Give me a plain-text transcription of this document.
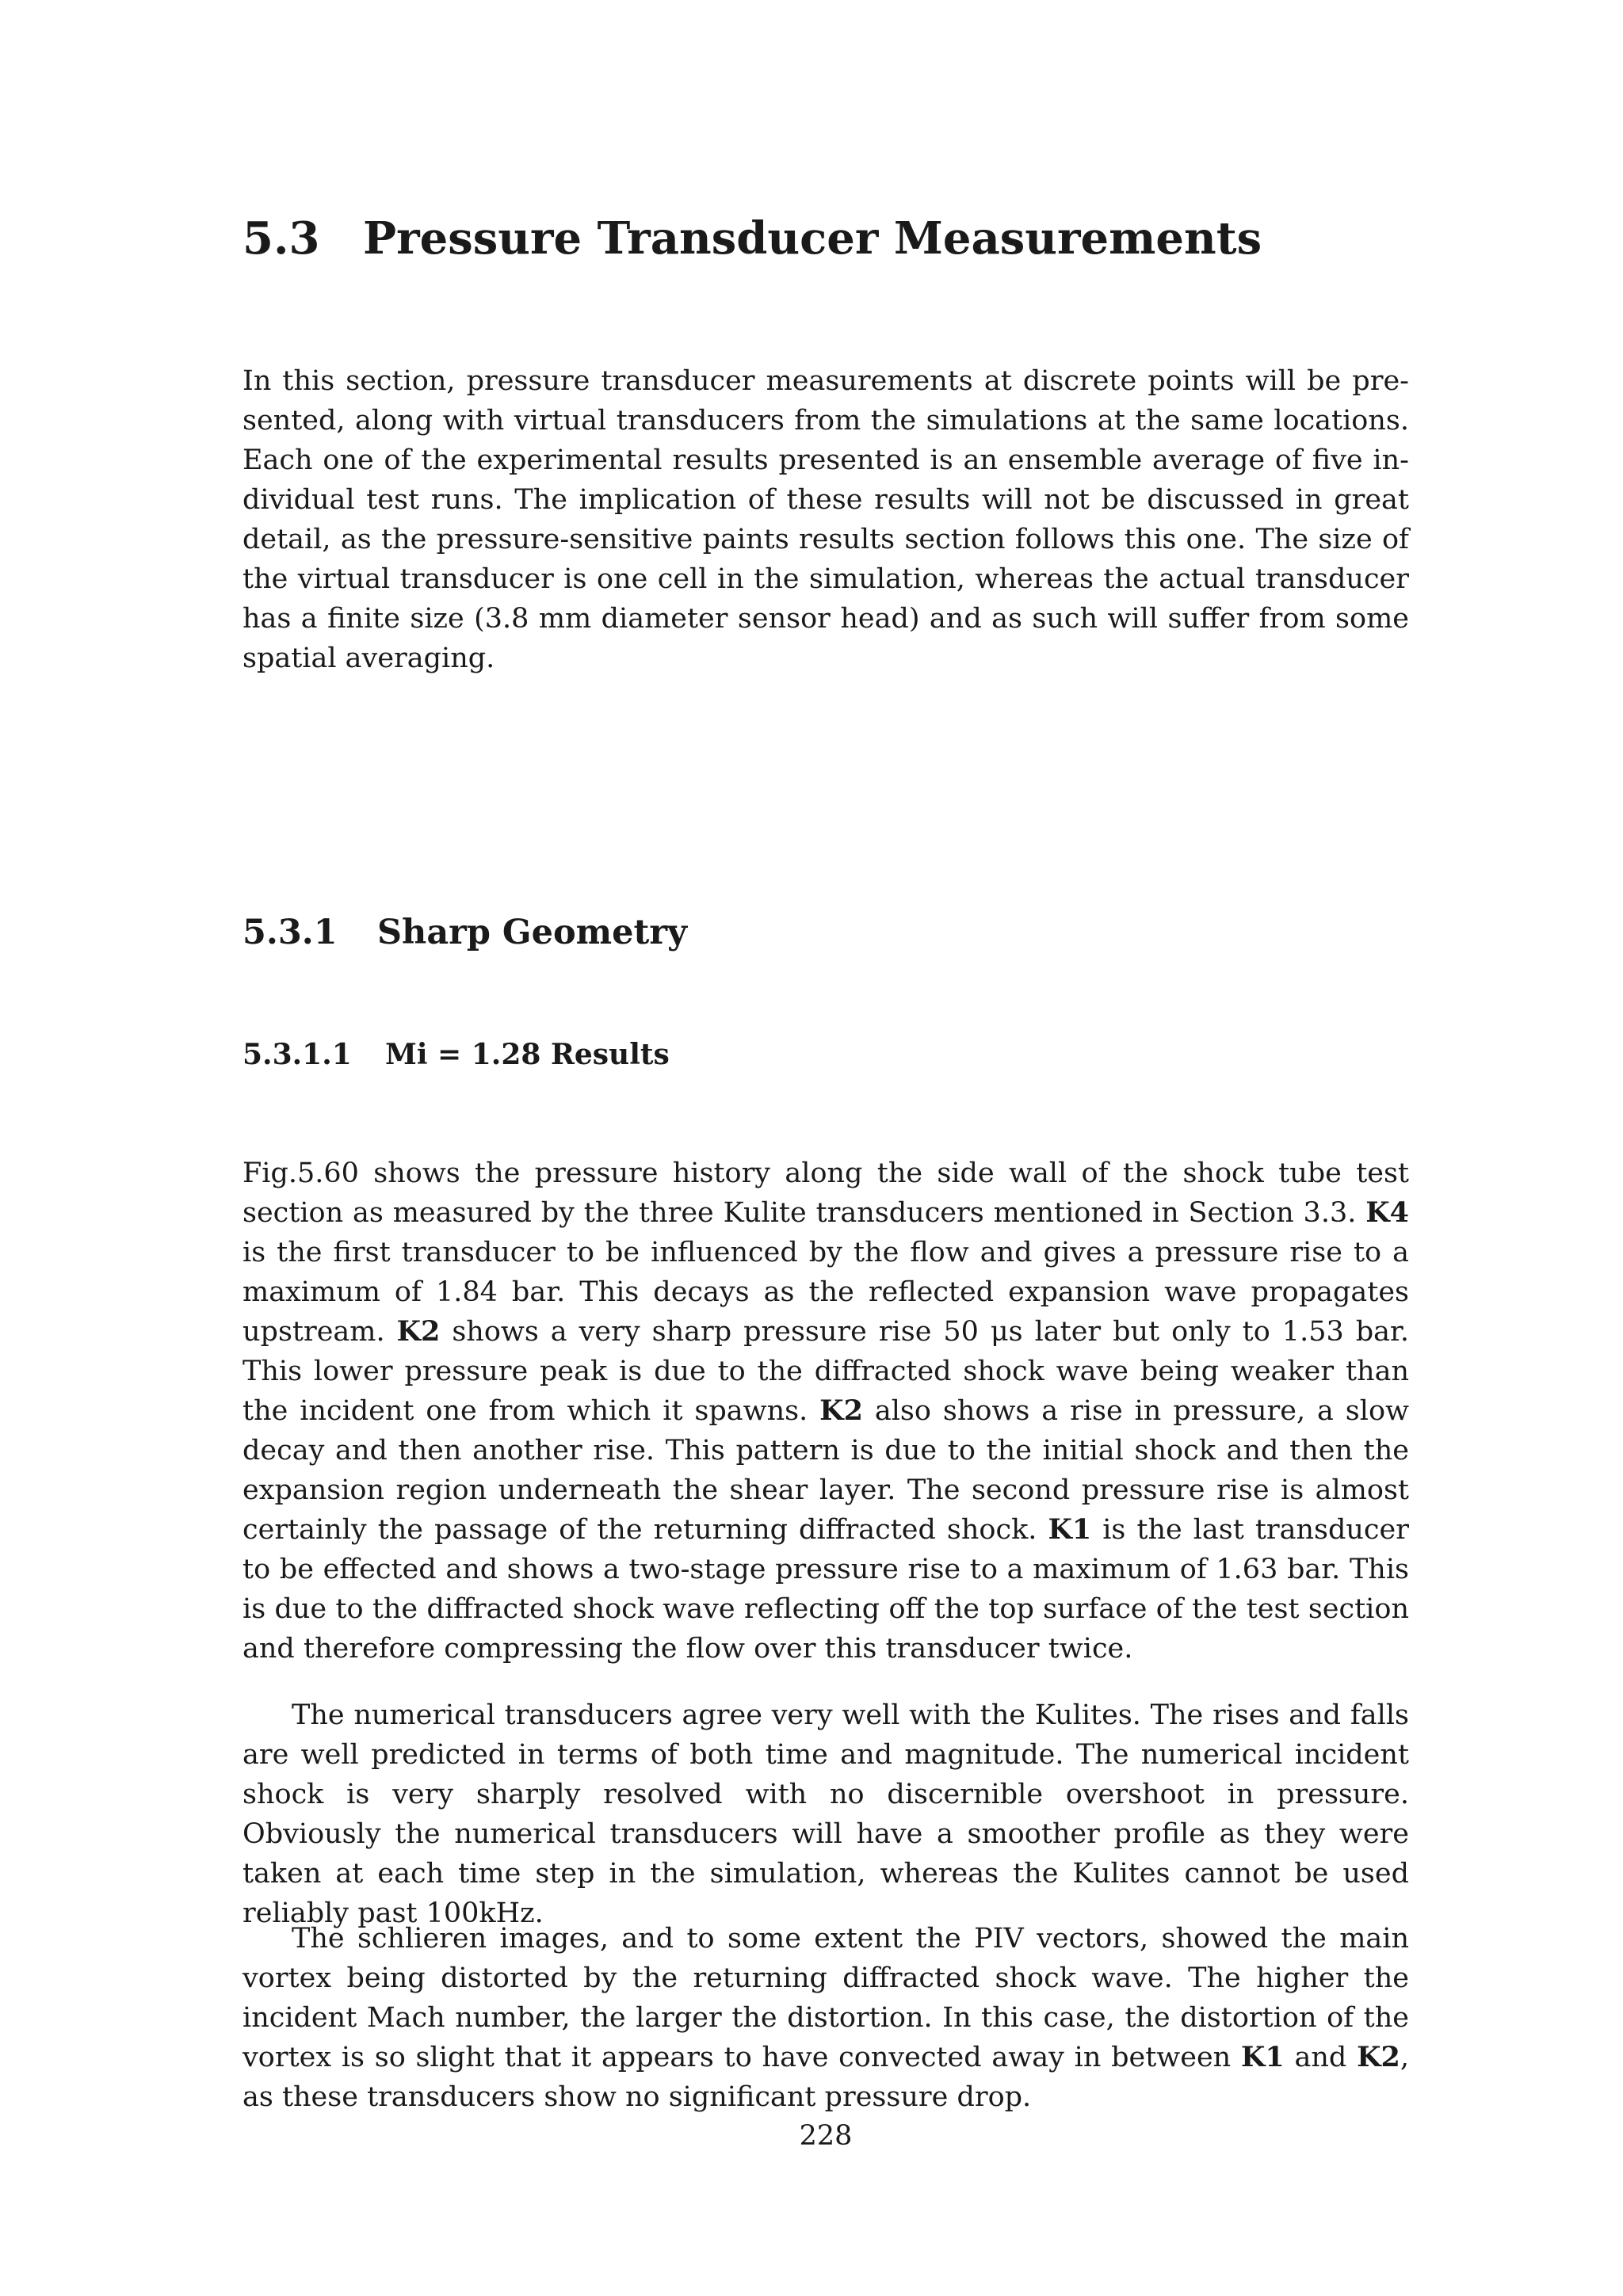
5.3 Pressure Transducer Measurements

In this section, pressure transducer measurements at discrete points will be presented, along with virtual transducers from the simulations at the same locations. Each one of the experimental results presented is an ensemble average of five individual test runs. The implication of these results will not be discussed in great detail, as the pressure-sensitive paints results section follows this one. The size of the virtual transducer is one cell in the simulation, whereas the actual transducer has a finite size (3.8 mm diameter sensor head) and as such will suffer from some spatial averaging.

5.3.1 Sharp Geometry
5.3.1.1 Mi = 1.28 Results

Fig.5.60 shows the pressure history along the side wall of the shock tube test section as measured by the three Kulite transducers mentioned in Section 3.3. K4 is the first transducer to be influenced by the flow and gives a pressure rise to a maximum of 1.84 bar. This decays as the reflected expansion wave propagates upstream. K2 shows a very sharp pressure rise 50 μs later but only to 1.53 bar. This lower pressure peak is due to the diffracted shock wave being weaker than the incident one from which it spawns. K2 also shows a rise in pressure, a slow decay and then another rise. This pattern is due to the initial shock and then the expansion region underneath the shear layer. The second pressure rise is almost certainly the passage of the returning diffracted shock. K1 is the last transducer to be effected and shows a two-stage pressure rise to a maximum of 1.63 bar. This is due to the diffracted shock wave reflecting off the top surface of the test section and therefore compressing the flow over this transducer twice.

The numerical transducers agree very well with the Kulites. The rises and falls are well predicted in terms of both time and magnitude. The numerical incident shock is very sharply resolved with no discernible overshoot in pressure. Obviously the numerical transducers will have a smoother profile as they were taken at each time step in the simulation, whereas the Kulites cannot be used reliably past 100kHz.

The schlieren images, and to some extent the PIV vectors, showed the main vortex being distorted by the returning diffracted shock wave. The higher the incident Mach number, the larger the distortion. In this case, the distortion of the vortex is so slight that it appears to have convected away in between K1 and K2, as these transducers show no significant pressure drop.

228
